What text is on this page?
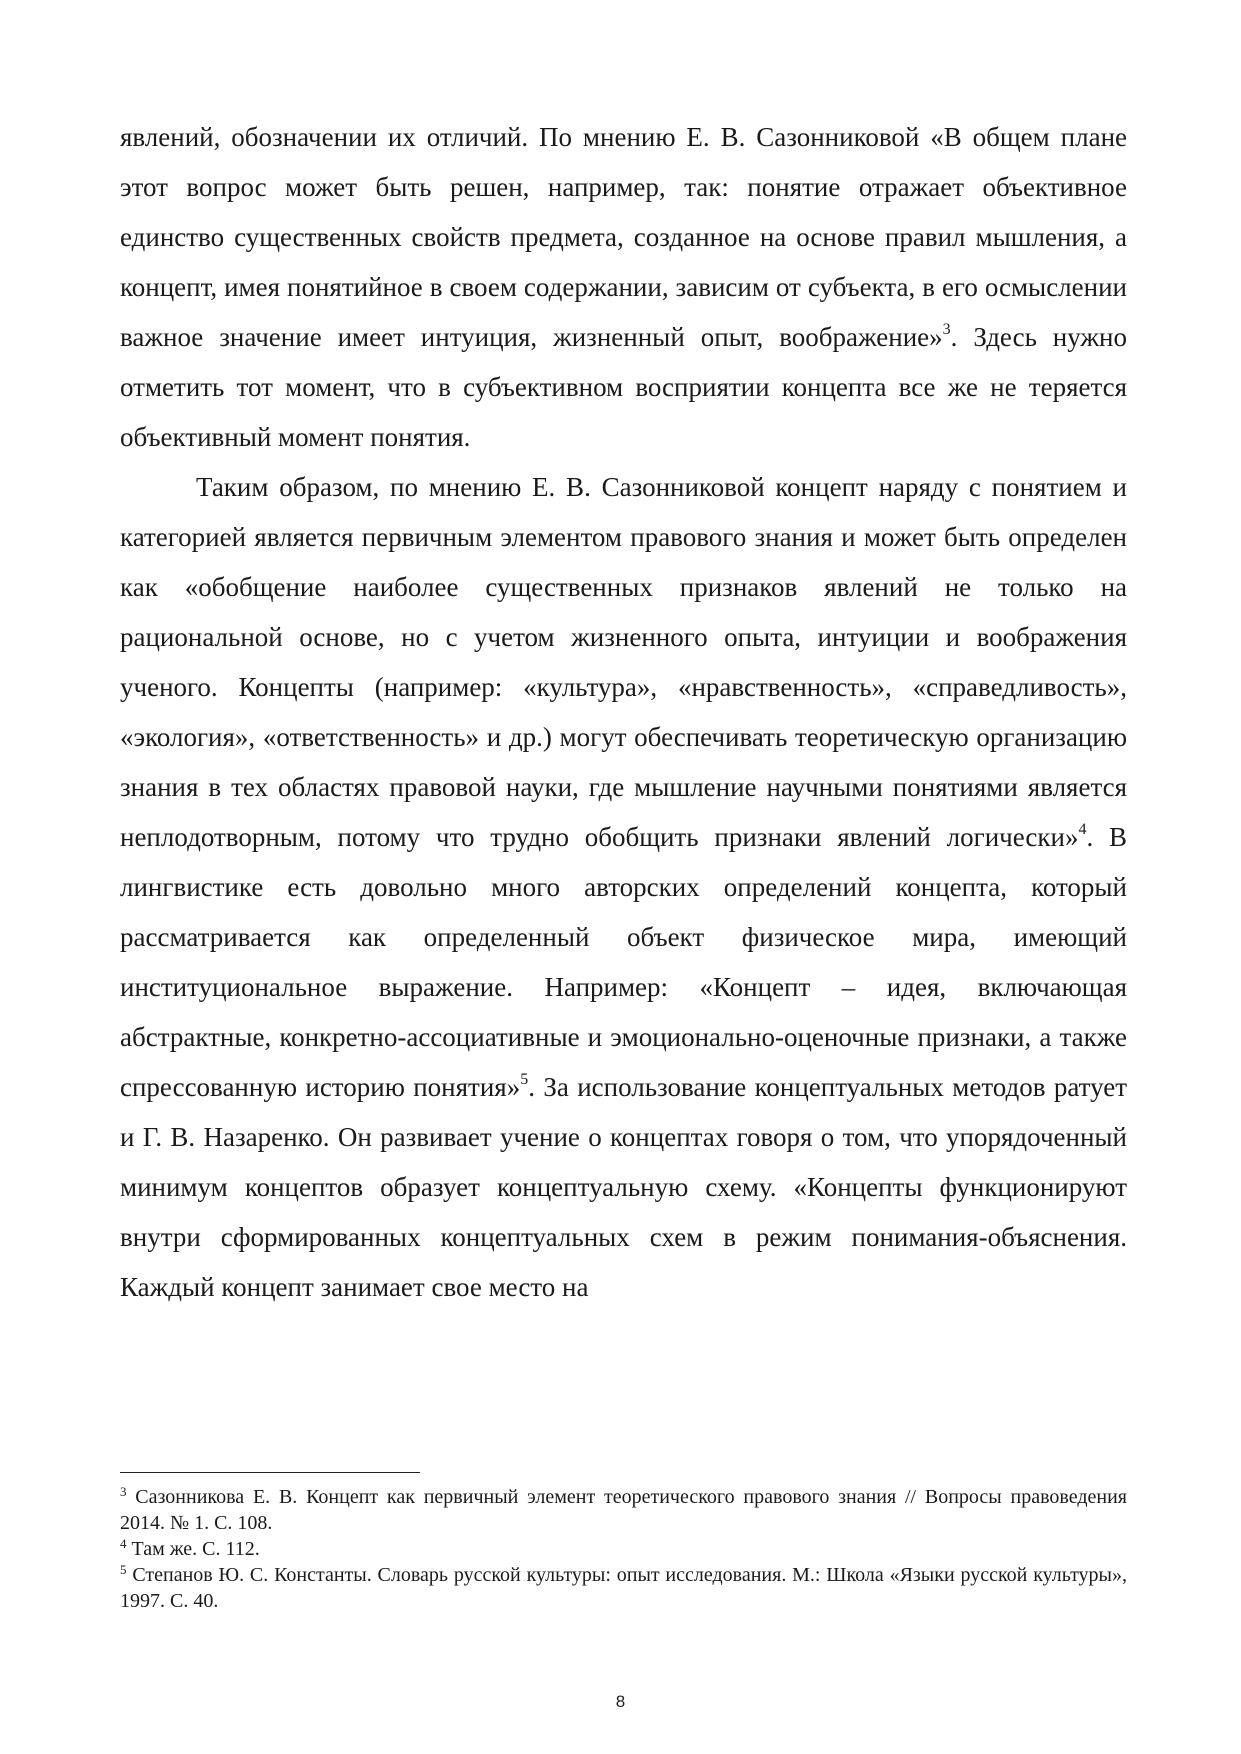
явлений, обозначении их отличий. По мнению Е. В. Сазонниковой «В общем плане этот вопрос может быть решен, например, так: понятие отражает объективное единство существенных свойств предмета, созданное на основе правил мышления, а концепт, имея понятийное в своем содержании, зависим от субъекта, в его осмыслении важное значение имеет интуиция, жизненный опыт, воображение»$^3$. Здесь нужно отметить тот момент, что в субъективном восприятии концепта все же не теряется объективный момент понятия.

Таким образом, по мнению Е. В. Сазонниковой концепт наряду с понятием и категорией является первичным элементом правового знания и может быть определен как «обобщение наиболее существенных признаков явлений не только на рациональной основе, но с учетом жизненного опыта, интуиции и воображения ученого. Концепты (например: «культура», «нравственность», «справедливость», «экология», «ответственность» и др.) могут обеспечивать теоретическую организацию знания в тех областях правовой науки, где мышление научными понятиями является неплодотворным, потому что трудно обобщить признаки явлений логически»$^4$. В лингвистике есть довольно много авторских определений концепта, который рассматривается как определенный объект физическое мира, имеющий институциональное выражение. Например: «Концепт – идея, включающая абстрактные, конкретно-ассоциативные и эмоционально-оценочные признаки, а также спрессованную историю понятия»$^5$. За использование концептуальных методов ратует и Г. В. Назаренко. Он развивает учение о концептах говоря о том, что упорядоченный минимум концептов образует концептуальную схему. «Концепты функционируют внутри сформированных концептуальных схем в режим понимания-объяснения. Каждый концепт занимает свое место на

$^3$ Сазонникова Е. В. Концепт как первичный элемент теоретического правового знания // Вопросы правоведения 2014. № 1. С. 108.

$^4$ Там же. С. 112.

$^5$ Степанов Ю. С. Константы. Словарь русской культуры: опыт исследования. М.: Школа «Языки русской культуры», 1997. С. 40.

8
